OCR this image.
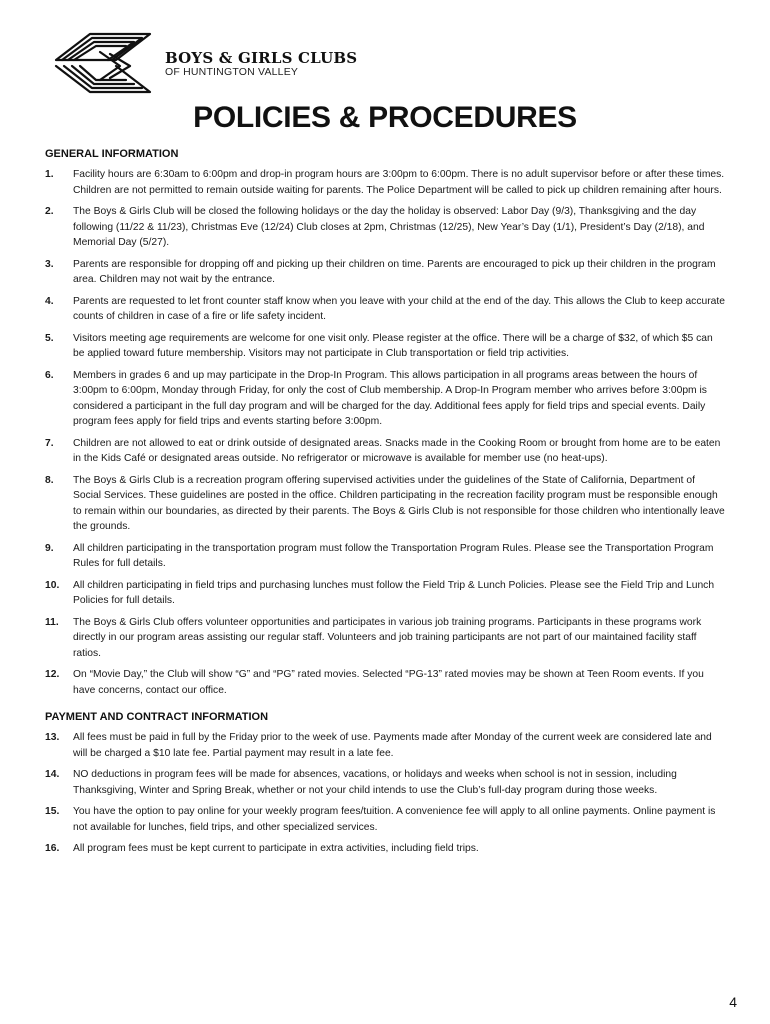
BOYS & GIRLS CLUBS
OF HUNTINGTON VALLEY
POLICIES & PROCEDURES
GENERAL INFORMATION
1.	Facility hours are 6:30am to 6:00pm and drop-in program hours are 3:00pm to 6:00pm. There is no adult supervisor before or after these times. Children are not permitted to remain outside waiting for parents. The Police Department will be called to pick up children remaining after hours.
2.	The Boys & Girls Club will be closed the following holidays or the day the holiday is observed: Labor Day (9/3), Thanksgiving and the day following (11/22 & 11/23), Christmas Eve (12/24) Club closes at 2pm, Christmas (12/25), New Year’s Day (1/1), President’s Day (2/18), and Memorial Day (5/27).
3.	Parents are responsible for dropping off and picking up their children on time. Parents are encouraged to pick up their children in the program area. Children may not wait by the entrance.
4.	Parents are requested to let front counter staff know when you leave with your child at the end of the day. This allows the Club to keep accurate counts of children in case of a fire or life safety incident.
5.	Visitors meeting age requirements are welcome for one visit only. Please register at the office. There will be a charge of $32, of which $5 can be applied toward future membership. Visitors may not participate in Club transportation or field trip activities.
6.	Members in grades 6 and up may participate in the Drop-In Program. This allows participation in all programs areas between the hours of 3:00pm to 6:00pm, Monday through Friday, for only the cost of Club membership. A Drop-In Program member who arrives before 3:00pm is considered a participant in the full day program and will be charged for the day. Additional fees apply for field trips and special events. Daily program fees apply for field trips and events starting before 3:00pm.
7.	Children are not allowed to eat or drink outside of designated areas. Snacks made in the Cooking Room or brought from home are to be eaten in the Kids Café or designated areas outside. No refrigerator or microwave is available for member use (no heat-ups).
8.	The Boys & Girls Club is a recreation program offering supervised activities under the guidelines of the State of California, Department of Social Services. These guidelines are posted in the office. Children participating in the recreation facility program must be responsible enough to remain within our boundaries, as directed by their parents. The Boys & Girls Club is not responsible for those children who intentionally leave the grounds.
9.	All children participating in the transportation program must follow the Transportation Program Rules. Please see the Transportation Program Rules for full details.
10.	All children participating in field trips and purchasing lunches must follow the Field Trip & Lunch Policies. Please see the Field Trip and Lunch Policies for full details.
11.	The Boys & Girls Club offers volunteer opportunities and participates in various job training programs. Participants in these programs work directly in our program areas assisting our regular staff. Volunteers and job training participants are not part of our maintained facility staff ratios.
12.	On “Movie Day,” the Club will show “G” and “PG” rated movies. Selected “PG-13” rated movies may be shown at Teen Room events. If you have concerns, contact our office.
PAYMENT AND CONTRACT INFORMATION
13.	All fees must be paid in full by the Friday prior to the week of use. Payments made after Monday of the current week are considered late and will be charged a $10 late fee. Partial payment may result in a late fee.
14.	NO deductions in program fees will be made for absences, vacations, or holidays and weeks when school is not in session, including Thanksgiving, Winter and Spring Break, whether or not your child intends to use the Club’s full-day program during those weeks.
15.	You have the option to pay online for your weekly program fees/tuition. A convenience fee will apply to all online payments. Online payment is not available for lunches, field trips, and other specialized services.
16.	All program fees must be kept current to participate in extra activities, including field trips.
4
